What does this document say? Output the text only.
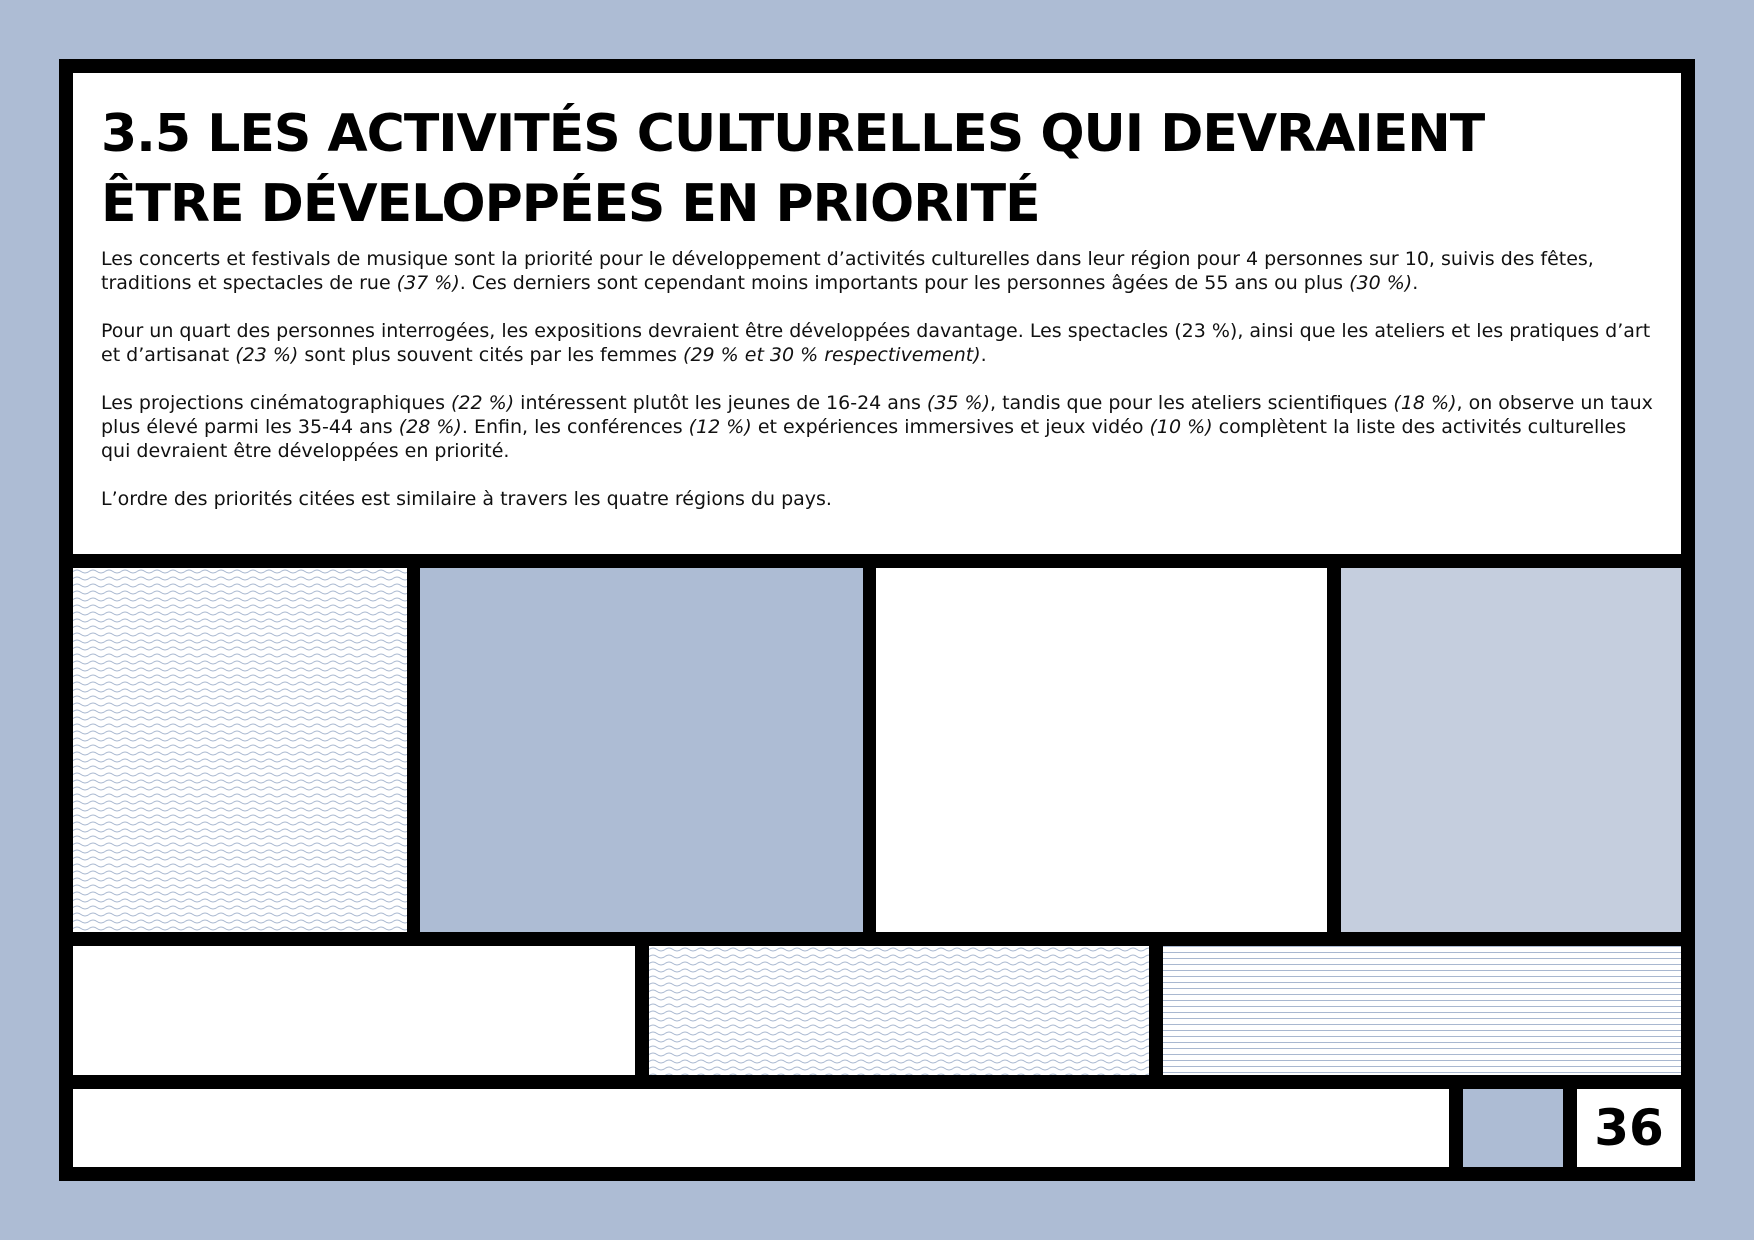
3.5 LES ACTIVITÉS CULTURELLES QUI DEVRAIENT
ÊTRE DÉVELOPPÉES EN PRIORITÉ

Les concerts et festivals de musique sont la priorité pour le développement d’activités culturelles dans leur région pour 4 personnes sur 10, suivis des fêtes, traditions et spectacles de rue (37 %). Ces derniers sont cependant moins importants pour les personnes âgées de 55 ans ou plus (30 %).

Pour un quart des personnes interrogées, les expositions devraient être développées davantage. Les spectacles (23 %), ainsi que les ateliers et les pratiques d’art et d’artisanat (23 %) sont plus souvent cités par les femmes (29 % et 30 % respectivement).

Les projections cinématographiques (22 %) intéressent plutôt les jeunes de 16-24 ans (35 %), tandis que pour les ateliers scientifiques (18 %), on observe un taux plus élevé parmi les 35-44 ans (28 %). Enfin, les conférences (12 %) et expériences immersives et jeux vidéo (10 %) complètent la liste des activités culturelles qui devraient être développées en priorité.

L’ordre des priorités citées est similaire à travers les quatre régions du pays.

36
